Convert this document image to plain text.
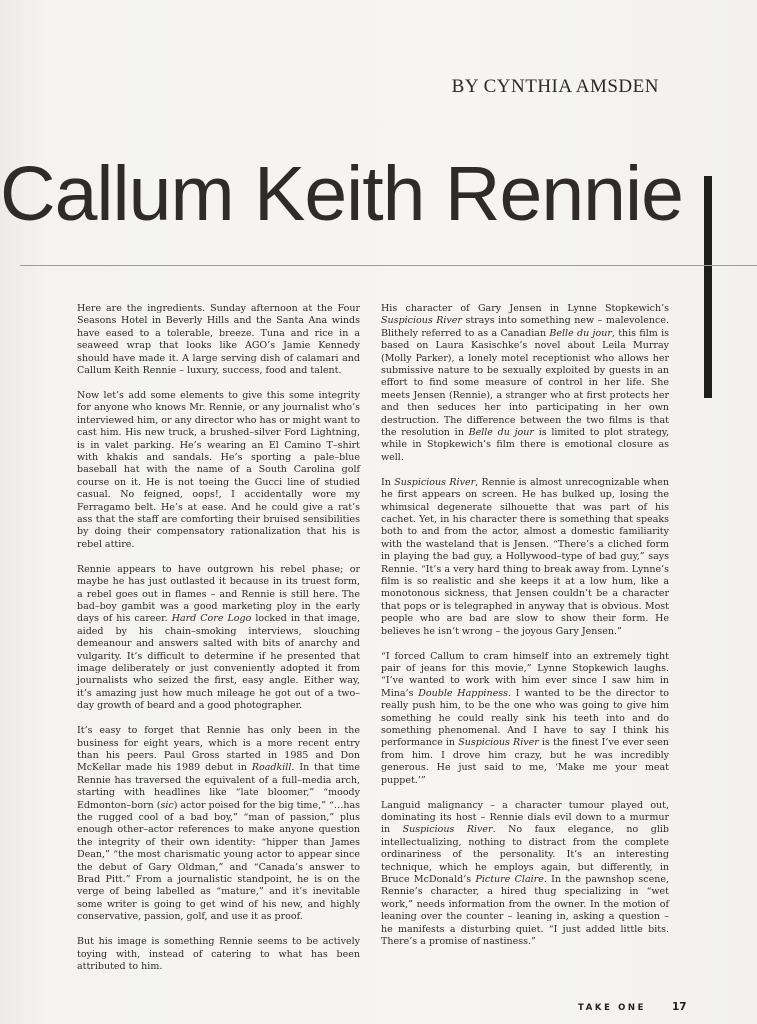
BY CYNTHIA AMSDEN
Callum Keith Rennie

Here are the ingredients. Sunday afternoon at the Four Seasons Hotel in Beverly Hills and the Santa Ana winds have eased to a tolerable, breeze. Tuna and rice in a seaweed wrap that looks like AGO’s Jamie Kennedy should have made it. A large serving dish of calamari and Callum Keith Rennie – luxury, success, food and talent.

Now let’s add some elements to give this some integrity for anyone who knows Mr. Rennie, or any journalist who’s interviewed him, or any director who has or might want to cast him. His new truck, a brushed–silver Ford Lightning, is in valet parking. He’s wearing an El Camino T–shirt with khakis and sandals. He’s sporting a pale–blue baseball hat with the name of a South Carolina golf course on it. He is not toeing the Gucci line of studied casual. No feigned, oops!, I accidentally wore my Ferragamo belt. He’s at ease. And he could give a rat’s ass that the staff are comforting their bruised sensibilities by doing their compensatory rationalization that his is rebel attire.

Rennie appears to have outgrown his rebel phase; or maybe he has just outlasted it because in its truest form, a rebel goes out in flames – and Rennie is still here. The bad–boy gambit was a good marketing ploy in the early days of his career. Hard Core Logo locked in that image, aided by his chain–smoking interviews, slouching demeanour and answers salted with bits of anarchy and vulgarity. It’s difficult to determine if he presented that image deliberately or just conveniently adopted it from journalists who seized the first, easy angle. Either way, it’s amazing just how much mileage he got out of a two–day growth of beard and a good photographer.

It’s easy to forget that Rennie has only been in the business for eight years, which is a more recent entry than his peers. Paul Gross started in 1985 and Don McKellar made his 1989 debut in Roadkill. In that time Rennie has traversed the equivalent of a full–media arch, starting with headlines like “late bloomer,” “moody Edmonton–born (sic) actor poised for the big time,” “…has the rugged cool of a bad boy,” “man of passion,” plus enough other–actor references to make anyone question the integrity of their own identity: “hipper than James Dean,” “the most charismatic young actor to appear since the debut of Gary Oldman,” and “Canada’s answer to Brad Pitt.” From a journalistic standpoint, he is on the verge of being labelled as “mature,” and it’s inevitable some writer is going to get wind of his new, and highly conservative, passion, golf, and use it as proof.

But his image is something Rennie seems to be actively toying with, instead of catering to what has been attributed to him.

His character of Gary Jensen in Lynne Stopkewich’s Suspicious River strays into something new – malevolence. Blithely referred to as a Canadian Belle du jour, this film is based on Laura Kasischke’s novel about Leila Murray (Molly Parker), a lonely motel receptionist who allows her submissive nature to be sexually exploited by guests in an effort to find some measure of control in her life. She meets Jensen (Rennie), a stranger who at first protects her and then seduces her into participating in her own destruction. The difference between the two films is that the resolution in Belle du jour is limited to plot strategy, while in Stopkewich’s film there is emotional closure as well.

In Suspicious River, Rennie is almost unrecognizable when he first appears on screen. He has bulked up, losing the whimsical degenerate silhouette that was part of his cachet. Yet, in his character there is something that speaks both to and from the actor, almost a domestic familiarity with the wasteland that is Jensen. “There’s a cliched form in playing the bad guy, a Hollywood–type of bad guy,” says Rennie. “It’s a very hard thing to break away from. Lynne’s film is so realistic and she keeps it at a low hum, like a monotonous sickness, that Jensen couldn’t be a character that pops or is telegraphed in anyway that is obvious. Most people who are bad are slow to show their form. He believes he isn’t wrong – the joyous Gary Jensen.”

“I forced Callum to cram himself into an extremely tight pair of jeans for this movie,” Lynne Stopkewich laughs. “I’ve wanted to work with him ever since I saw him in Mina’s Double Happiness. I wanted to be the director to really push him, to be the one who was going to give him something he could really sink his teeth into and do something phenomenal. And I have to say I think his performance in Suspicious River is the finest I’ve ever seen from him. I drove him crazy, but he was incredibly generous. He just said to me, ‘Make me your meat puppet.’”

Languid malignancy – a character tumour played out, dominating its host – Rennie dials evil down to a murmur in Suspicious River. No faux elegance, no glib intellectualizing, nothing to distract from the complete ordinariness of the personality. It’s an interesting technique, which he employs again, but differently, in Bruce McDonald’s Picture Claire. In the pawnshop scene, Rennie’s character, a hired thug specializing in “wet work,” needs information from the owner. In the motion of leaning over the counter – leaning in, asking a question – he manifests a disturbing quiet. “I just added little bits. There’s a promise of nastiness.”

TAKE ONE 17
